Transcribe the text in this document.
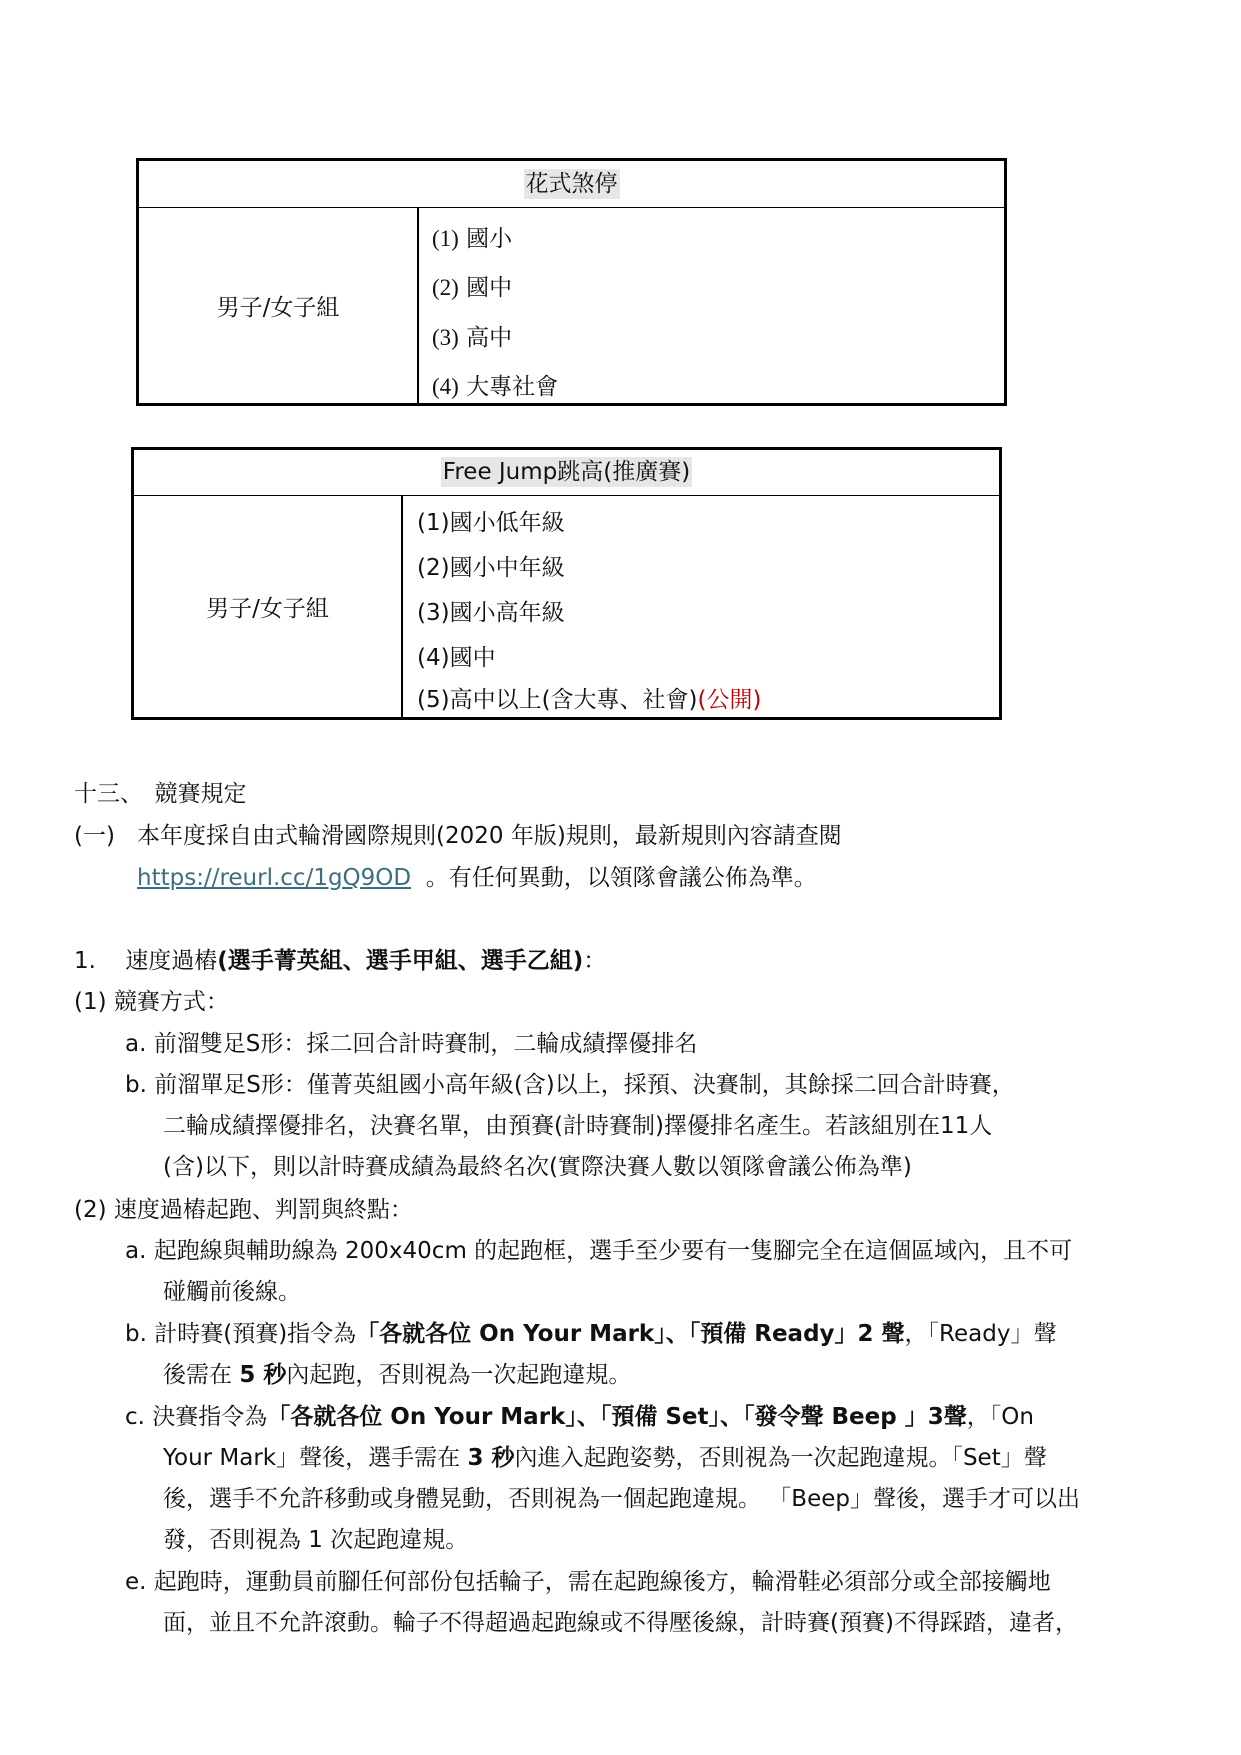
花式煞停
男子/女子組
(1) 國小
(2) 國中
(3) 高中
(4) 大專社會
Free Jump跳高(推廣賽)
男子/女子組
(1)國小低年級
(2)國小中年級
(3)國小高年級
(4)國中
(5)高中以上(含大專、社會)(公開)
十三、　競賽規定
(一) 本年度採自由式輪滑國際規則(2020 年版)規則，最新規則內容請查閱
https://reurl.cc/1gQ9OD 。有任何異動，以領隊會議公佈為準。
1. 速度過樁(選手菁英組、選手甲組、選手乙組)：
(1) 競賽方式：
a. 前溜雙足S形：採二回合計時賽制，二輪成績擇優排名
b. 前溜單足S形：僅菁英組國小高年級(含)以上，採預、決賽制，其餘採二回合計時賽，
二輪成績擇優排名，決賽名單，由預賽(計時賽制)擇優排名產生。若該組別在11人
(含)以下，則以計時賽成績為最終名次(實際決賽人數以領隊會議公佈為準)
(2) 速度過樁起跑、判罰與終點：
a. 起跑線與輔助線為 200x40cm 的起跑框，選手至少要有一隻腳完全在這個區域內，且不可
碰觸前後線。
b. 計時賽(預賽)指令為「各就各位 On Your Mark」、「預備 Ready」2 聲，「Ready」聲
後需在 5 秒內起跑，否則視為一次起跑違規。
c. 決賽指令為「各就各位 On Your Mark」、「預備 Set」、「發令聲 Beep 」3聲，「On
Your Mark」聲後，選手需在 3 秒內進入起跑姿勢，否則視為一次起跑違規。「Set」聲
後，選手不允許移動或身體晃動，否則視為一個起跑違規。 「Beep」聲後，選手才可以出
發，否則視為 1 次起跑違規。
e. 起跑時，運動員前腳任何部份包括輪子，需在起跑線後方，輪滑鞋必須部分或全部接觸地
面，並且不允許滾動。輪子不得超過起跑線或不得壓後線，計時賽(預賽)不得踩踏，違者，
